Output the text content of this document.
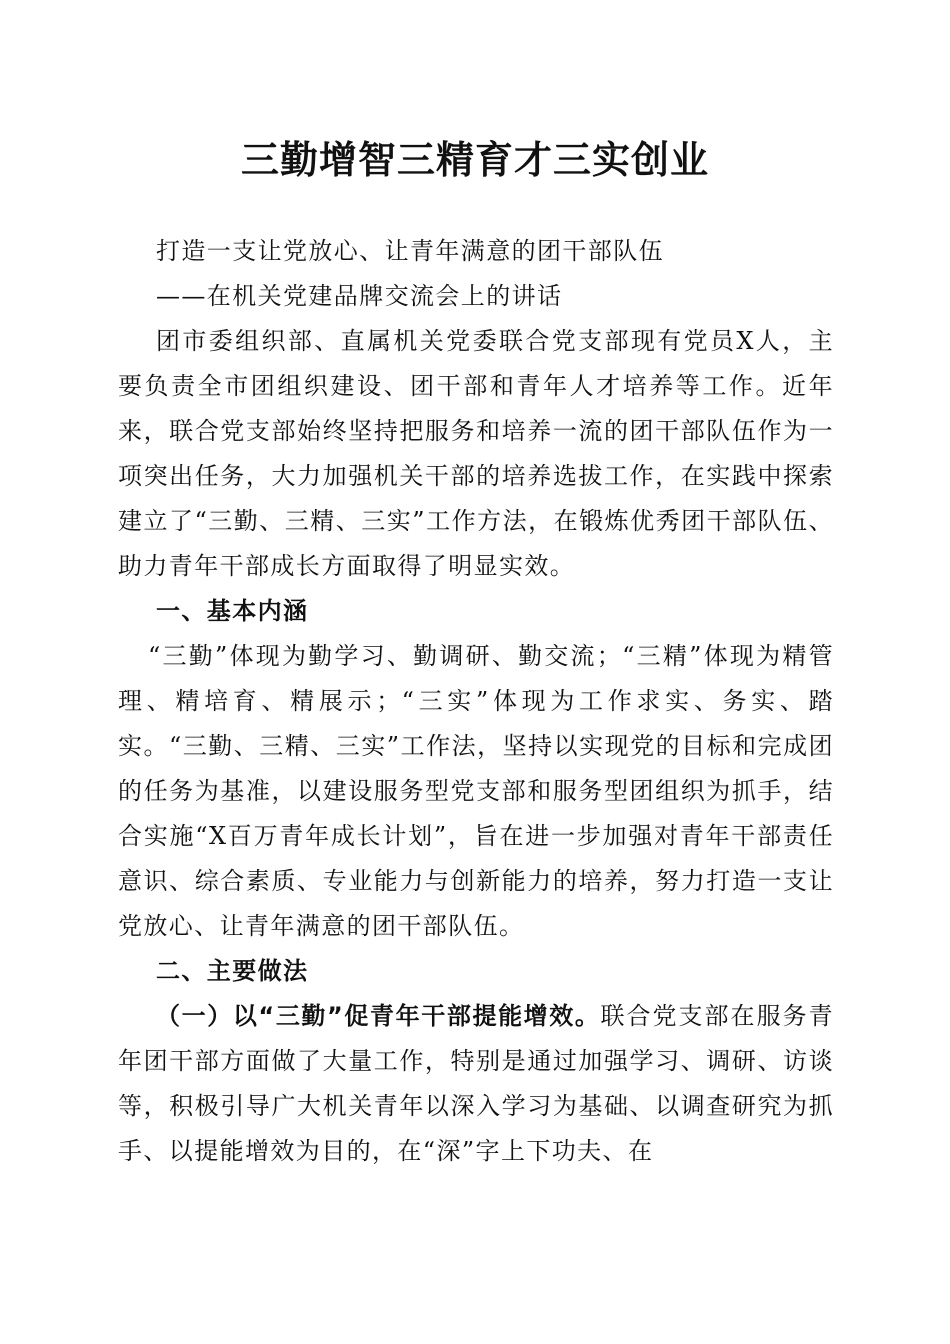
三勤增智三精育才三实创业

打造一支让党放心、让青年满意的团干部队伍

——在机关党建品牌交流会上的讲话

团市委组织部、直属机关党委联合党支部现有党员X人，主要负责全市团组织建设、团干部和青年人才培养等工作。近年来，联合党支部始终坚持把服务和培养一流的团干部队伍作为一项突出任务，大力加强机关干部的培养选拔工作，在实践中探索建立了“三勤、三精、三实”工作方法，在锻炼优秀团干部队伍、助力青年干部成长方面取得了明显实效。

一、基本内涵

“三勤”体现为勤学习、勤调研、勤交流；“三精”体现为精管理、精培育、精展示；“三实”体现为工作求实、务实、踏实。“三勤、三精、三实”工作法，坚持以实现党的目标和完成团的任务为基准，以建设服务型党支部和服务型团组织为抓手，结合实施“X百万青年成长计划”，旨在进一步加强对青年干部责任意识、综合素质、专业能力与创新能力的培养，努力打造一支让党放心、让青年满意的团干部队伍。

二、主要做法

（一）以“三勤”促青年干部提能增效。联合党支部在服务青年团干部方面做了大量工作，特别是通过加强学习、调研、访谈等，积极引导广大机关青年以深入学习为基础、以调查研究为抓手、以提能增效为目的，在“深”字上下功夫、在
